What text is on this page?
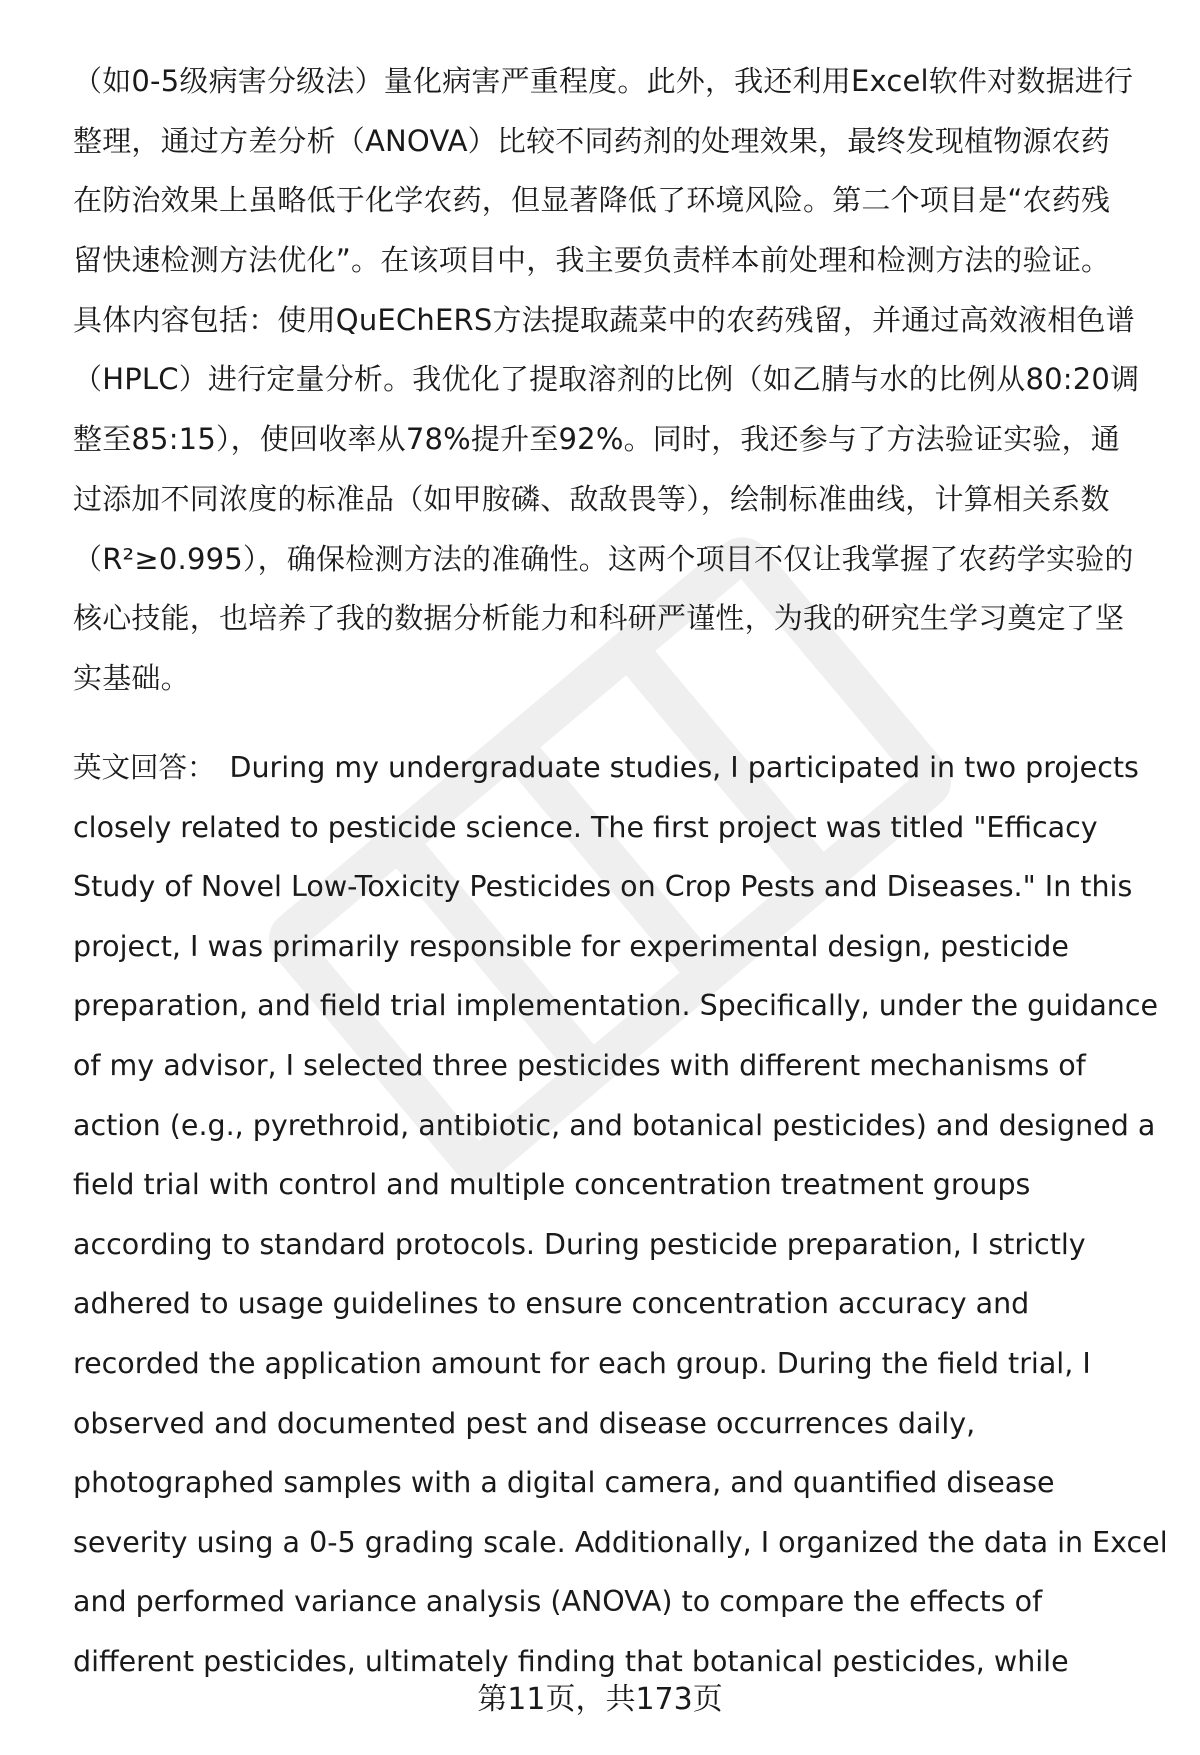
（如0-5级病害分级法）量化病害严重程度。此外，我还利用Excel软件对数据进行
整理，通过方差分析（ANOVA）比较不同药剂的处理效果，最终发现植物源农药
在防治效果上虽略低于化学农药，但显著降低了环境风险。第二个项目是“农药残
留快速检测方法优化”。在该项目中，我主要负责样本前处理和检测方法的验证。
具体内容包括：使用QuEChERS方法提取蔬菜中的农药残留，并通过高效液相色谱
（HPLC）进行定量分析。我优化了提取溶剂的比例（如乙腈与水的比例从80:20调
整至85:15），使回收率从78%提升至92%。同时，我还参与了方法验证实验，通
过添加不同浓度的标准品（如甲胺磷、敌敌畏等），绘制标准曲线，计算相关系数
（R²≥0.995），确保检测方法的准确性。这两个项目不仅让我掌握了农药学实验的
核心技能，也培养了我的数据分析能力和科研严谨性，为我的研究生学习奠定了坚
实基础。
英文回答： During my undergraduate studies, I participated in two projects
closely related to pesticide science. The first project was titled "Efficacy
Study of Novel Low-Toxicity Pesticides on Crop Pests and Diseases." In this
project, I was primarily responsible for experimental design, pesticide
preparation, and field trial implementation. Specifically, under the guidance
of my advisor, I selected three pesticides with different mechanisms of
action (e.g., pyrethroid, antibiotic, and botanical pesticides) and designed a
field trial with control and multiple concentration treatment groups
according to standard protocols. During pesticide preparation, I strictly
adhered to usage guidelines to ensure concentration accuracy and
recorded the application amount for each group. During the field trial, I
observed and documented pest and disease occurrences daily,
photographed samples with a digital camera, and quantified disease
severity using a 0-5 grading scale. Additionally, I organized the data in Excel
and performed variance analysis (ANOVA) to compare the effects of
different pesticides, ultimately finding that botanical pesticides, while
第11页，共173页
